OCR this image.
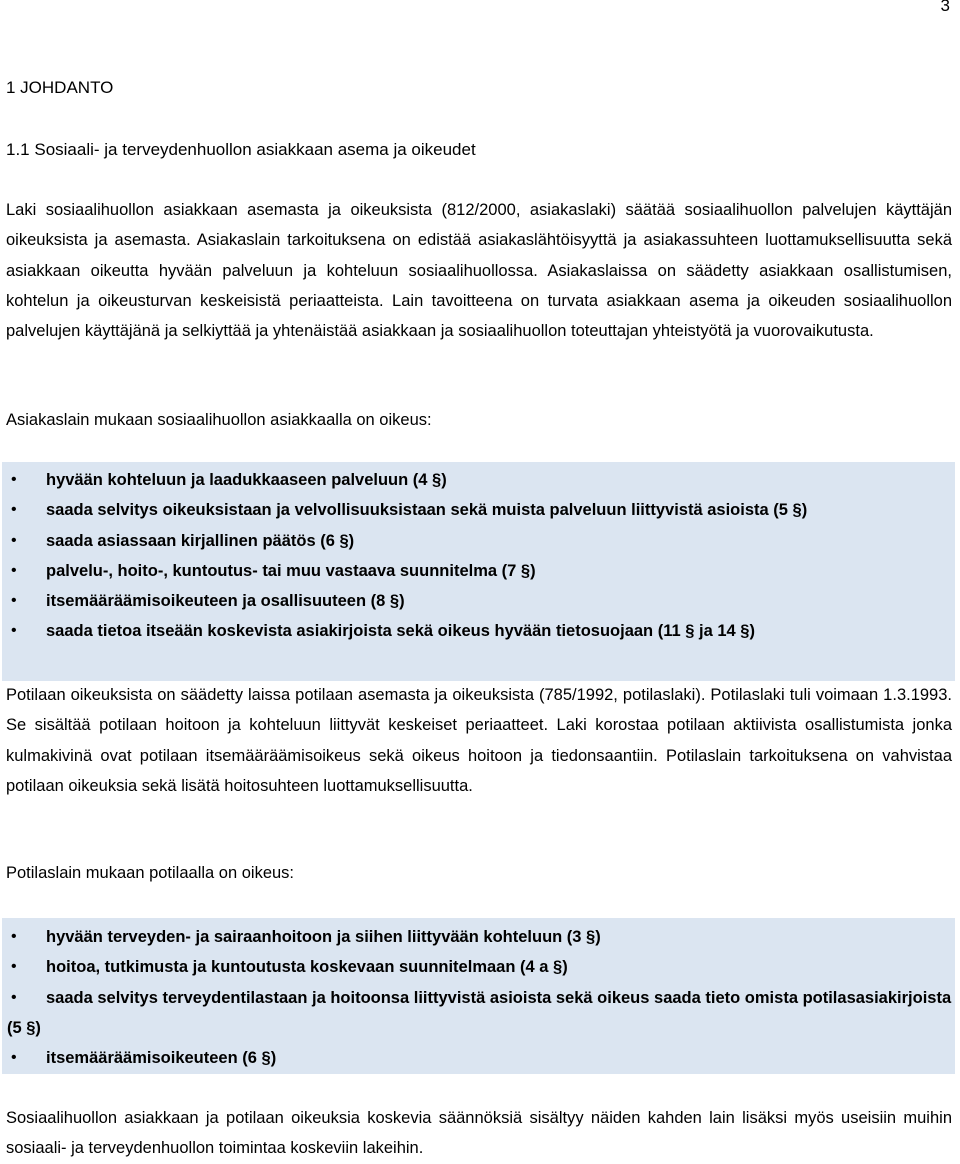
3
1 JOHDANTO
1.1 Sosiaali- ja terveydenhuollon asiakkaan asema ja oikeudet

Laki sosiaalihuollon asiakkaan asemasta ja oikeuksista (812/2000, asiakaslaki) säätää sosiaalihuollon palvelujen käyttäjän oikeuksista ja asemasta. Asiakaslain tarkoituksena on edistää asiakaslähtöisyyttä ja asiakassuhteen luottamuksellisuutta sekä asiakkaan oikeutta hyvään palveluun ja kohteluun sosiaalihuollossa. Asiakaslaissa on säädetty asiakkaan osallistumisen, kohtelun ja oikeusturvan keskeisistä periaatteista. Lain tavoitteena on turvata asiakkaan asema ja oikeuden sosiaalihuollon palvelujen käyttäjänä ja selkiyttää ja yhtenäistää asiakkaan ja sosiaalihuollon toteuttajan yhteistyötä ja vuorovaikutusta.

Asiakaslain mukaan sosiaalihuollon asiakkaalla on oikeus:

• hyvään kohteluun ja laadukkaaseen palveluun (4 §)
• saada selvitys oikeuksistaan ja velvollisuuksistaan sekä muista palveluun liittyvistä asioista (5 §)
• saada asiassaan kirjallinen päätös (6 §)
• palvelu-, hoito-, kuntoutus- tai muu vastaava suunnitelma (7 §)
• itsemääräämisoikeuteen ja osallisuuteen (8 §)
• saada tietoa itseään koskevista asiakirjoista sekä oikeus hyvään tietosuojaan (11 § ja 14 §)

Potilaan oikeuksista on säädetty laissa potilaan asemasta ja oikeuksista (785/1992, potilaslaki). Potilaslaki tuli voimaan 1.3.1993. Se sisältää potilaan hoitoon ja kohteluun liittyvät keskeiset periaatteet. Laki korostaa potilaan aktiivista osallistumista jonka kulmakivinä ovat potilaan itsemääräämisoikeus sekä oikeus hoitoon ja tiedonsaantiin. Potilaslain tarkoituksena on vahvistaa potilaan oikeuksia sekä lisätä hoitosuhteen luottamuksellisuutta.

Potilaslain mukaan potilaalla on oikeus:

• hyvään terveyden- ja sairaanhoitoon ja siihen liittyvään kohteluun (3 §)
• hoitoa, tutkimusta ja kuntoutusta koskevaan suunnitelmaan (4 a §)
• saada selvitys terveydentilastaan ja hoitoonsa liittyvistä asioista sekä oikeus saada tieto omista potilasasiakirjoista (5 §)
• itsemääräämisoikeuteen (6 §)

Sosiaalihuollon asiakkaan ja potilaan oikeuksia koskevia säännöksiä sisältyy näiden kahden lain lisäksi myös useisiin muihin sosiaali- ja terveydenhuollon toimintaa koskeviin lakeihin.
